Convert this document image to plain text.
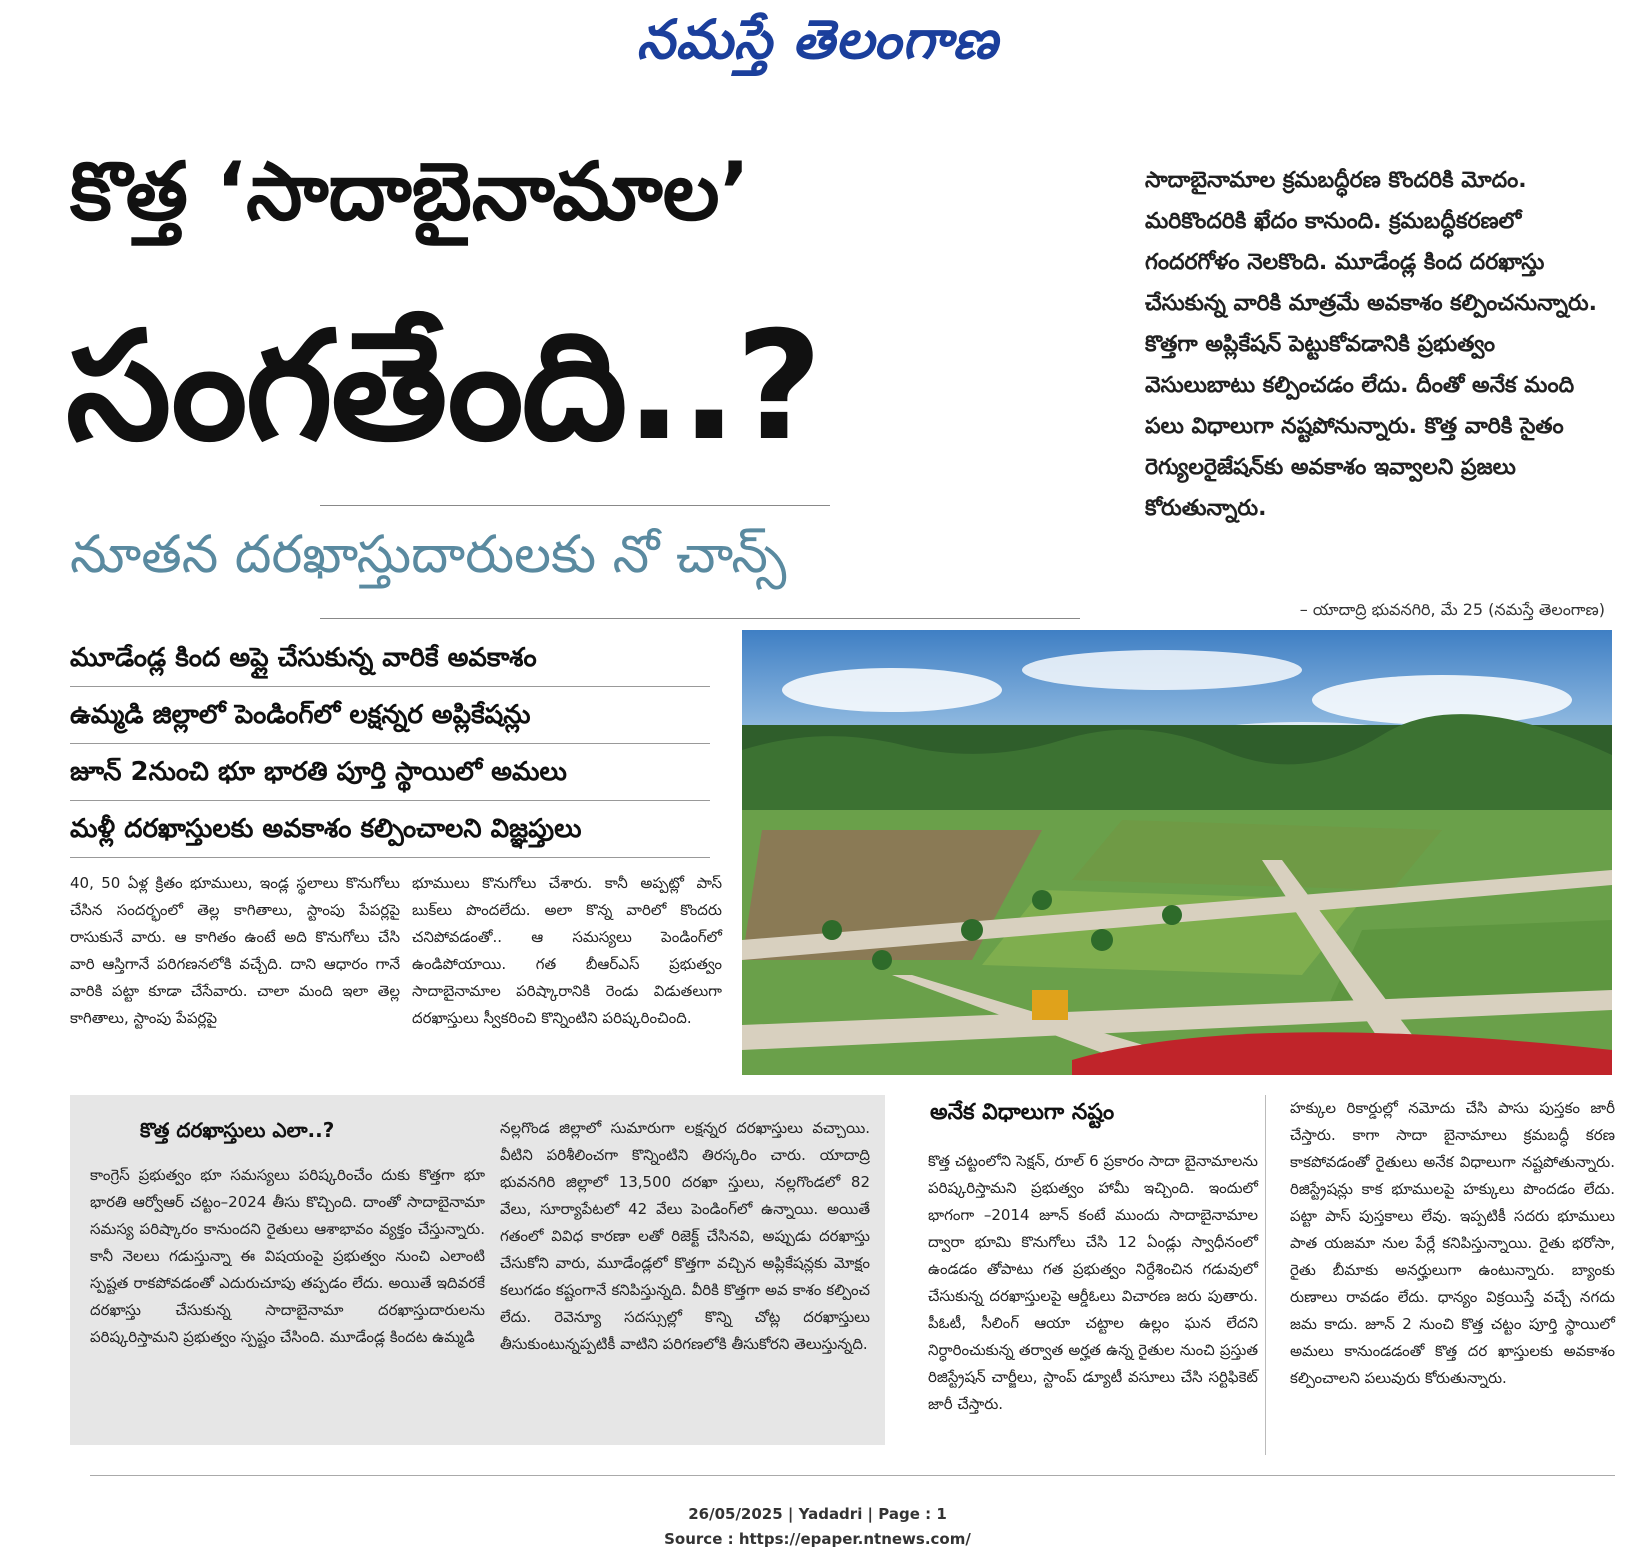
నమస్తే తెలంగాణ
కొత్త ‘సాదాబైనామాల’
సంగతేంది..?
నూతన దరఖాస్తుదారులకు నో చాన్స్
సాదాబైనామాల క్రమబద్ధీరణ కొందరికి మోదం. మరికొందరికి ఖేదం కానుంది. క్రమబద్ధీకరణలో గందరగోళం నెలకొంది. మూడేండ్ల కింద దరఖాస్తు చేసుకున్న వారికి మాత్రమే అవకాశం కల్పించనున్నారు. కొత్తగా అప్లికేషన్ పెట్టుకోవడానికి ప్రభుత్వం వెసులుబాటు కల్పించడం లేదు. దీంతో అనేక మంది పలు విధాలుగా నష్టపోనున్నారు. కొత్త వారికి సైతం రెగ్యులరైజేషన్‌కు అవకాశం ఇవ్వాలని ప్రజలు కోరుతున్నారు.
– యాదాద్రి భువనగిరి, మే 25 (నమస్తే తెలంగాణ)
మూడేండ్ల కింద అప్లై చేసుకున్న వారికే అవకాశం
ఉమ్మడి జిల్లాలో పెండింగ్‌లో లక్షన్నర అప్లికేషన్లు
జూన్ 2నుంచి భూ భారతి పూర్తి స్థాయిలో అమలు
మళ్లీ దరఖాస్తులకు అవకాశం కల్పించాలని విజ్ఞప్తులు
40, 50 ఏళ్ల క్రితం భూములు, ఇండ్ల స్థలాలు కొనుగోలు చేసిన సందర్భంలో తెల్ల కాగితాలు, స్టాంపు పేపర్లపై రాసుకునే వారు. ఆ కాగితం ఉంటే అది కొనుగోలు చేసి వారి ఆస్తిగానే పరిగణనలోకి వచ్చేది. దాని ఆధారం గానే వారికి పట్టా కూడా చేసేవారు. చాలా మంది ఇలా తెల్ల కాగితాలు, స్టాంపు పేపర్లపై
భూములు కొనుగోలు చేశారు. కానీ అప్పట్లో పాస్ బుక్‌లు పొందలేదు. అలా కొన్న వారిలో కొందరు చనిపోవడంతో.. ఆ సమస్యలు పెండింగ్‌లో ఉండిపోయాయి. గత బీఆర్‌ఎస్ ప్రభుత్వం సాదాబైనామాల పరిష్కారానికి రెండు విడుతలుగా దరఖాస్తులు స్వీకరించి కొన్నింటిని పరిష్కరించింది.
కొత్త దరఖాస్తులు ఎలా..?
కాంగ్రెస్ ప్రభుత్వం భూ సమస్యలు పరిష్కరించేం దుకు కొత్తగా భూ భారతి ఆర్వోఆర్ చట్టం–2024 తీసు కొచ్చింది. దాంతో సాదాబైనామా సమస్య పరిష్కారం కానుందని రైతులు ఆశాభావం వ్యక్తం చేస్తున్నారు. కానీ నెలలు గడుస్తున్నా ఈ విషయంపై ప్రభుత్వం నుంచి ఎలాంటి స్పష్టత రాకపోవడంతో ఎదురుచూపు తప్పడం లేదు. అయితే ఇదివరకే దరఖాస్తు చేసుకున్న సాదాబైనామా దరఖాస్తుదారులను పరిష్కరిస్తామని ప్రభుత్వం స్పష్టం చేసింది. మూడేండ్ల కిందట ఉమ్మడి
నల్లగొండ జిల్లాలో సుమారుగా లక్షన్నర దరఖాస్తులు వచ్చాయి. వీటిని పరిశీలించగా కొన్నింటిని తిరస్కరిం చారు. యాదాద్రి భువనగిరి జిల్లాలో 13,500 దరఖా స్తులు, నల్లగొండలో 82 వేలు, సూర్యాపేటలో 42 వేలు పెండింగ్‌లో ఉన్నాయి. అయితే గతంలో వివిధ కారణా లతో రిజెక్ట్ చేసినవి, అప్పుడు దరఖాస్తు చేసుకోని వారు, మూడేండ్లలో కొత్తగా వచ్చిన అప్లికేషన్లకు మోక్షం కలుగడం కష్టంగానే కనిపిస్తున్నది. వీరికి కొత్తగా అవ కాశం కల్పించ లేదు. రెవెన్యూ సదస్సుల్లో కొన్ని చోట్ల దరఖాస్తులు తీసుకుంటున్నప్పటికీ వాటిని పరిగణలోకి తీసుకోరని తెలుస్తున్నది.
అనేక విధాలుగా నష్టం
కొత్త చట్టంలోని సెక్షన్, రూల్ 6 ప్రకారం సాదా బైనామాలను పరిష్కరిస్తామని ప్రభుత్వం హామీ ఇచ్చింది. ఇందులో భాగంగా –2014 జూన్ కంటే ముందు సాదాబైనామాల ద్వారా భూమి కొనుగోలు చేసి 12 ఏండ్లు స్వాధీనంలో ఉండడం తోపాటు గత ప్రభుత్వం నిర్దేశించిన గడువులో చేసుకున్న దరఖాస్తులపై ఆర్డీఓలు విచారణ జరు పుతారు. పీఓటీ, సీలింగ్ ఆయా చట్టాల ఉల్లం ఘన లేదని నిర్ధారించుకున్న తర్వాత అర్హత ఉన్న రైతుల నుంచి ప్రస్తుత రిజిస్ట్రేషన్ చార్జీలు, స్టాంప్ డ్యూటీ వసూలు చేసి సర్టిఫికెట్ జారీ చేస్తారు.
హక్కుల రికార్డుల్లో నమోదు చేసి పాసు పుస్తకం జారీ చేస్తారు. కాగా సాదా బైనామాలు క్రమబద్ధీ కరణ కాకపోవడంతో రైతులు అనేక విధాలుగా నష్టపోతున్నారు. రిజిస్ట్రేషన్లు కాక భూములపై హక్కులు పొందడం లేదు. పట్టా పాస్ పుస్తకాలు లేవు. ఇప్పటికీ సదరు భూములు పాత యజమా నుల పేర్లే కనిపిస్తున్నాయి. రైతు భరోసా, రైతు బీమాకు అనర్హులుగా ఉంటున్నారు. బ్యాంకు రుణాలు రావడం లేదు. ధాన్యం విక్రయిస్తే వచ్చే నగదు జమ కాదు. జూన్ 2 నుంచి కొత్త చట్టం పూర్తి స్థాయిలో అమలు కానుండడంతో కొత్త దర ఖాస్తులకు అవకాశం కల్పించాలని పలువురు కోరుతున్నారు.
26/05/2025 | Yadadri | Page : 1
Source : https://epaper.ntnews.com/
